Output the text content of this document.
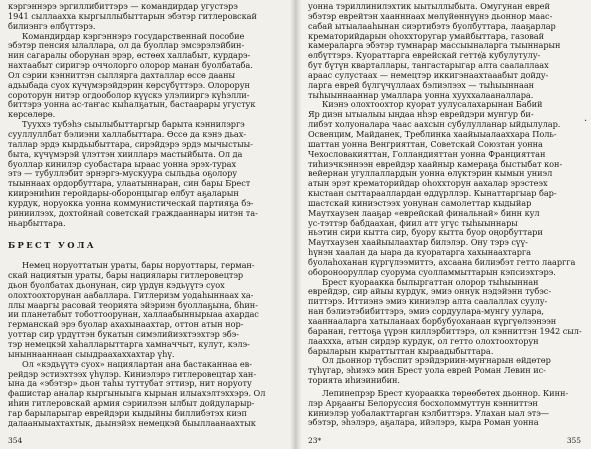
кэргэннэрэ эргиллибиттэрэ — командирдар угустэрэ
1941 сыллаахха кыргыллыбыттарын эбэтэр гитлеровскай
билиэнгэ өлбүттэрэ.
Командирдар кэргэннэрэ государственнай пособие
эбэтэр пенсия ылаллара, ол да буоллар эмсэрэлэйбин-
нин сагаралы оборунан эрэр, өстөөх халлабыт, курдарэ-
нахтаабыт сиригэр оччолорго олорор манан буолбатаба.
Ол сэрии кэнниттэн сыллярга дахталлар өссө дааны
адьыбада суох күчүмэрэйдэрин көрсүбүттэрэ. Олорорун
сороторун нитэр огдооболор күүскэ улэлииргэ күһэлли-
биттэрэ уонна ас-таҥас кыһалҕатын, бастаарары угустук
көрсөлөрө.
Тууххэ тубэһэ сыылыбыттаргыр барыта кэннилэргэ
сууллуллбат бэлиэни халлабыттара. Өссө да кэнэ дьах-
таллар эрдэ кырдьыбыттара, сирэйдэрэ эрдэ мычыстыы-
быта, күчүмэрэй үлэттэн хиилларэ мастыйбыта. Ол да
буоллар кинилэр суобастара ыраас уонна эрэх-турах
этэ — тубуллэбит эрнэргэ-мускуура сыльдьа оҕолору
тыыннаах ордорбуттара, улаатыннаран, син бары Брест
киирэниһин геройдары-оборонцыгар өлбут аҕаларын
курдук, норуокка уонна коммунистическай партияҕа бэ-
риниилээх, дохтойнай советскай граждааннары иитэн та-
ньарбыттара.
БРЕСТ УОЛА
Немец норуоттатын ураты, бары норуоттары, герман-
скай нациятын ураты, бары нациялары гитлеровецтэр
дьон буолбатах дьонунан, сир үрдүн кэдьүүтэ суох
олохтоохторунан аабаллара. Гитлеризм уодаһыннаах ха-
ллы мааргы расовай теорията эйэриэн буоллаҕына, бһин-
ии планетабыт тоботтоорунан, халлаабыннырыаа ахардас
германскай эрэ буолар ахахынаахтар, оттон атын нор-
уоттар сир үрдүттэн букатын симэлийиэхтээхтэр эбэ-
тэр немецкэй хаһалларыттарга хамначчыт, кулут, кэлэ-
ыныннааннаан сыыдраахаххахтар үһү.
Ол «кэдьүүтэ суох» нациялартан ана бастаканнаа ев-
рейдэр эстиэхтээх үһүлэр. Киниэлэрэ гитлеровецтар хан-
ына да «эбэтэр» дьон таһы туттубат эттиэр, нит норуоту
фашистар аналар кыргыныыга кырыан илыахэлтэххэрэ. Ол
иһин гитлеровскай армия сэриилээн ылбыт дойдуларыр-
гар барыларыгар еврейдэри кыдыйны биллибэтэх киэп
далааныыахтахтык, дьынэйэх немецкэй быыллаанаахтык
354
уонна тэриллинилэхтик ыытыллыбыта. Омугунан еврей
эбэтэр еврейтэн хаанннаах мөлүйөннүүнэ дьоннор маас-
сабай ытыалааһынан сиэртибэтэ буолбуттара, лааҕарлар
крематорийдарын оһоххторугар умайбыттара, газовай
камераларга эбэтэр тумнарар массыыналарга тыыннарын
өлбүттэрэ. Куораттарга еврейскай гетто҉а кубулутулу-
бут бүтүн кварталлары, тангастарыгар алта саалаллаах
араас сулустаах — немецтэр иккигэнаахтааабыт дойду-
ларга еврей бүлгүчүллаах бэлиэлээх — тыһыыннаан
тыһыыннааннар умаллара уонна хууххалааналлара.
Киэнэ олохтоохтор куорат уулусалахарынан Бабий
Яр диэн ытыалыы ыңдаа нһэр еврейдэри мунгур би-
либэт холуоналара чаас аахсын субулулланар ыйдылулар.
Освенцим, Майданек, Треблинка хаайыыалааххара Поль-
шаттан уонна Венгрияттан, Советскай Союзтан уонна
Чехословакияттан, Голландияттан уонна Францияттан
тиһиэчкэннээн еврейдэр хаайныр камераҕа быстыбат кон-
вейернан угуллаллардын уонна өлүктэрин кымын униэл
атын эрэт крематорийдар оһоххторун аахалар эрэстеэх
кыстаан сыттарааллардан өддүрллэр. Кынаттаргыар бар-
шастскай киниэстээх уонунан самолеттар кыдыйар
Маутхаузен лааҕар «еврейскай финальнай» бинн кул
ус-тэттэр бабдаахан, фиил атт угүс тыһыыннары
ньэтин сири кытта сир, буору кытта буор оңорбуттари
Маутхаузен хаайыылаахтар билэлэр. Ону тэрэ сүү-
һүнэн хаалан да ыара да куоратарга хахынаахтарга
буолаһоханан күргүлээмиттэ, ахсаана билиэбэт гетто лааргга
оборонооруллар суорума суолламмыттарын кэпсиэхтэрэ.
Брест куораакка былыргаттан олорор тыһыыннан
еврейдэр, сир айыы курдук, эмиэ оннук нэдэйэнн тубэс-
питтэрэ. Иттиэнэ эмиэ киниэлэр алта саалаллах суулу-
нан бэлиэтэбибиттэрэ, эмиэ сордуулара-мунгу уулара,
хааннааларга хатыланаах борбубуоханаан күргүөлээнээн
баранан, геттоҕа үүрэн киллэрбиттэрэ, ол кэнниттэн 1942 сыл-
лааххха, атын сирдэр курдук, ол гетто олохтоохторун
барыларын кыраттыттан кыраадыбыттара.
Ол дьоннор түбэспит эрэйдэриин-муҥнарын өйдөтөр
түһүгар, эһиэхэ мин Брест уола еврей Роман Левин ис-
торията иһиэинибин.
Лепинепрэр Брест куораакка төрөөбөтөх дьоннор. Кинн-
лэр Арҕааҥы Белоруссия босхоломмуттун кэнниттэн
киниэлэр уобалакттарган кэлбиттэрэ. Улахан ыал этэ—
эбэтэр, эһэлэрэ, аҕалара, ийэлэрэ, кыра Роман уонна
23*	355
·
